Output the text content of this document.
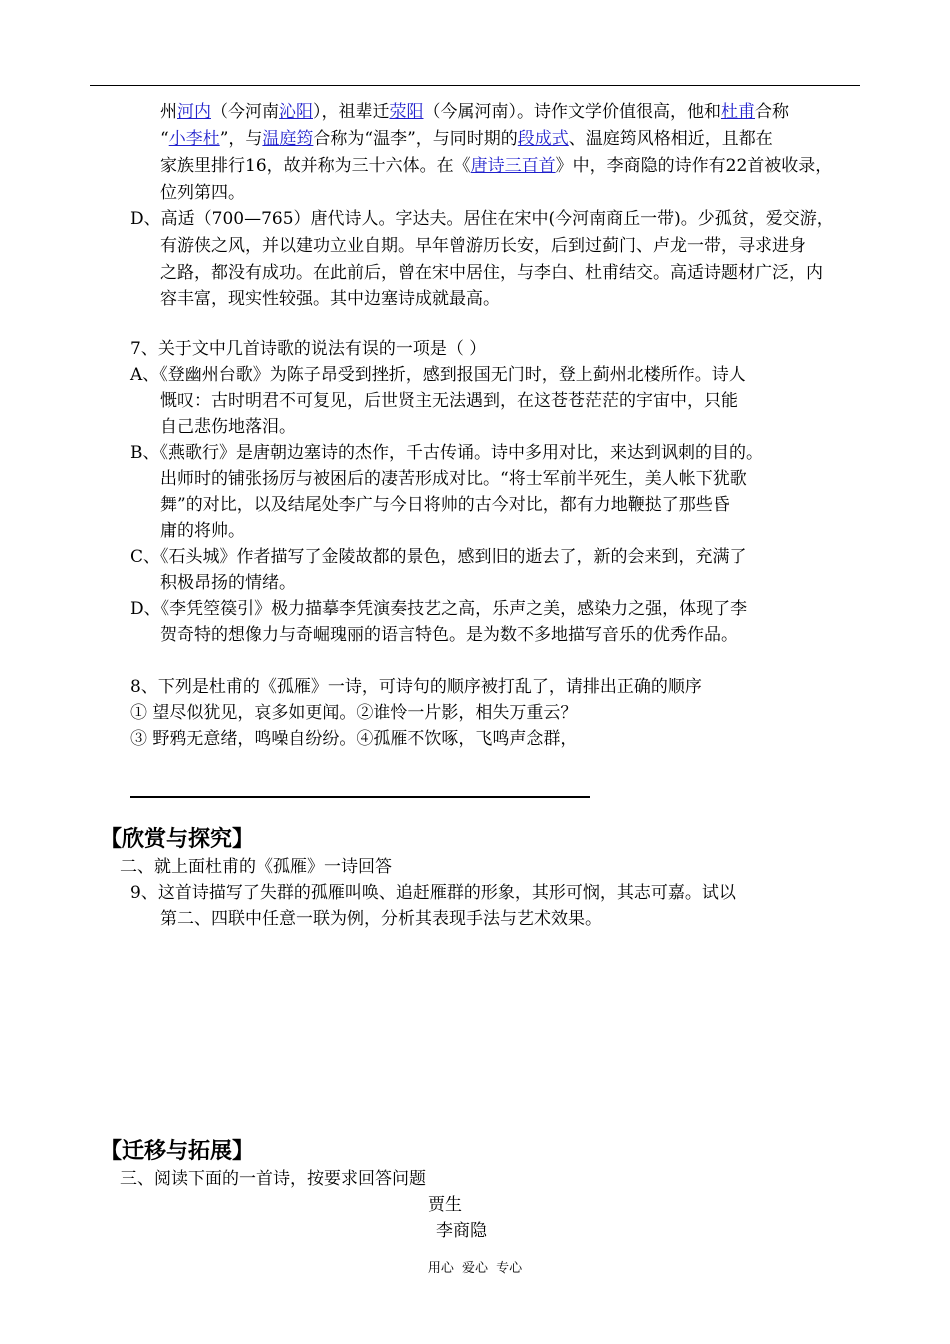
州河内（今河南沁阳），祖辈迁荥阳（今属河南）。诗作文学价值很高，他和杜甫合称
“小李杜”，与温庭筠合称为“温李”，与同时期的段成式、温庭筠风格相近，且都在
家族里排行16，故并称为三十六体。在《唐诗三百首》中，李商隐的诗作有22首被收录，
位列第四。
D、高适（700—765）唐代诗人。字达夫。居住在宋中(今河南商丘一带)。少孤贫，爱交游，
有游侠之风，并以建功立业自期。早年曾游历长安，后到过蓟门、卢龙一带，寻求进身
之路，都没有成功。在此前后，曾在宋中居住，与李白、杜甫结交。高适诗题材广泛，内
容丰富，现实性较强。其中边塞诗成就最高。
7、关于文中几首诗歌的说法有误的一项是（ ）
A、《登幽州台歌》为陈子昂受到挫折，感到报国无门时，登上蓟州北楼所作。诗人
慨叹：古时明君不可复见，后世贤主无法遇到，在这苍苍茫茫的宇宙中，只能
自己悲伤地落泪。
B、《燕歌行》是唐朝边塞诗的杰作，千古传诵。诗中多用对比，来达到讽刺的目的。
出师时的铺张扬厉与被困后的凄苦形成对比。“将士军前半死生，美人帐下犹歌
舞”的对比，以及结尾处李广与今日将帅的古今对比，都有力地鞭挞了那些昏
庸的将帅。
C、《石头城》作者描写了金陵故都的景色，感到旧的逝去了，新的会来到，充满了
积极昂扬的情绪。
D、《李凭箜篌引》极力描摹李凭演奏技艺之高，乐声之美，感染力之强，体现了李
贺奇特的想像力与奇崛瑰丽的语言特色。是为数不多地描写音乐的优秀作品。
8、下列是杜甫的《孤雁》一诗，可诗句的顺序被打乱了，请排出正确的顺序
① 望尽似犹见，哀多如更闻。②谁怜一片影，相失万重云？
③ 野鸦无意绪，鸣噪自纷纷。④孤雁不饮啄，飞鸣声念群，
【欣赏与探究】
二、就上面杜甫的《孤雁》一诗回答
9、这首诗描写了失群的孤雁叫唤、追赶雁群的形象，其形可悯，其志可嘉。试以
第二、四联中任意一联为例，分析其表现手法与艺术效果。
【迁移与拓展】
三、阅读下面的一首诗，按要求回答问题
贾生
李商隐
用心 爱心 专心
